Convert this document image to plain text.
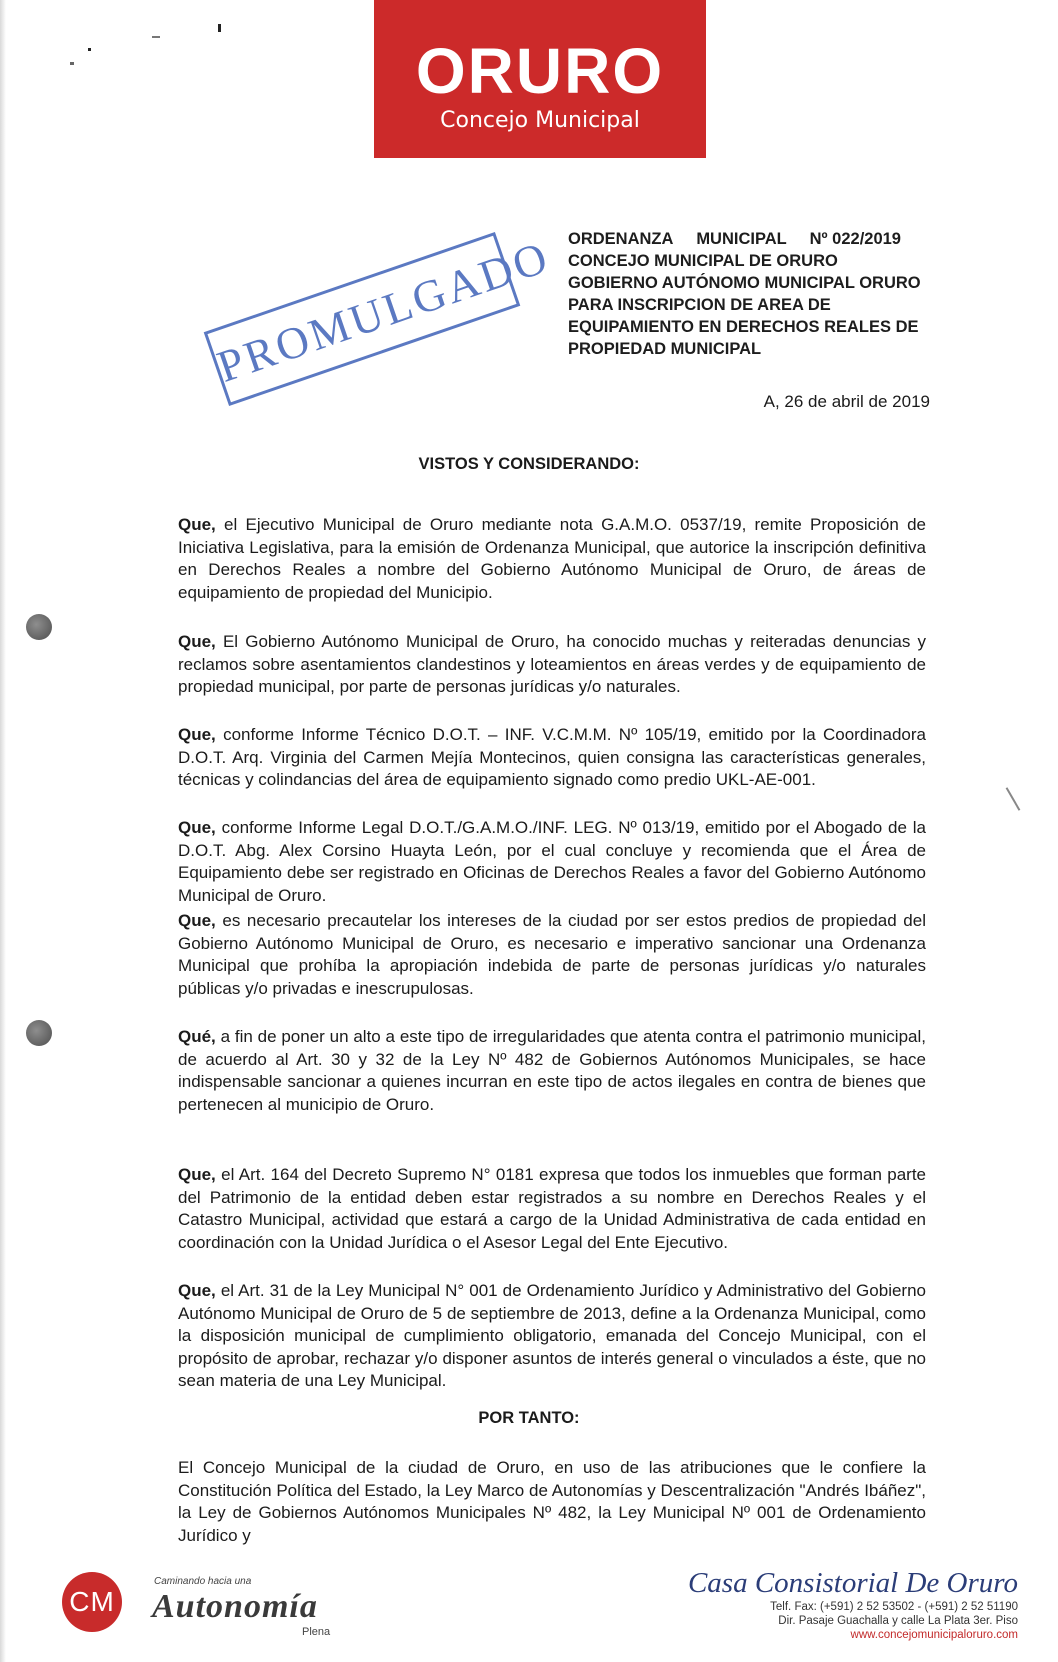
ORURO
Concejo Municipal
PROMULGADO ORDENANZA MUNICIPAL Nº 022/2019
CONCEJO MUNICIPAL DE ORURO
GOBIERNO AUTÓNOMO MUNICIPAL ORURO
PARA INSCRIPCION DE AREA DE
EQUIPAMIENTO EN DERECHOS REALES DE
PROPIEDAD MUNICIPAL
A, 26 de abril de 2019
VISTOS Y CONSIDERANDO:
Que, el Ejecutivo Municipal de Oruro mediante nota G.A.M.O. 0537/19, remite Proposición de Iniciativa Legislativa, para la emisión de Ordenanza Municipal, que autorice la inscripción definitiva en Derechos Reales a nombre del Gobierno Autónomo Municipal de Oruro, de áreas de equipamiento de propiedad del Municipio.
Que, El Gobierno Autónomo Municipal de Oruro, ha conocido muchas y reiteradas denuncias y reclamos sobre asentamientos clandestinos y loteamientos en áreas verdes y de equipamiento de propiedad municipal, por parte de personas jurídicas y/o naturales.
Que, conforme Informe Técnico D.O.T. – INF. V.C.M.M. Nº 105/19, emitido por la Coordinadora D.O.T. Arq. Virginia del Carmen Mejía Montecinos, quien consigna las características generales, técnicas y colindancias del área de equipamiento signado como predio UKL-AE-001.
Que, conforme Informe Legal D.O.T./G.A.M.O./INF. LEG. Nº 013/19, emitido por el Abogado de la D.O.T. Abg. Alex Corsino Huayta León, por el cual concluye y recomienda que el Área de Equipamiento debe ser registrado en Oficinas de Derechos Reales a favor del Gobierno Autónomo Municipal de Oruro.
Que, es necesario precautelar los intereses de la ciudad por ser estos predios de propiedad del Gobierno Autónomo Municipal de Oruro, es necesario e imperativo sancionar una Ordenanza Municipal que prohíba la apropiación indebida de parte de personas jurídicas y/o naturales públicas y/o privadas e inescrupulosas.
Qué, a fin de poner un alto a este tipo de irregularidades que atenta contra el patrimonio municipal, de acuerdo al Art. 30 y 32 de la Ley Nº 482 de Gobiernos Autónomos Municipales, se hace indispensable sancionar a quienes incurran en este tipo de actos ilegales en contra de bienes que pertenecen al municipio de Oruro.
Que, el Art. 164 del Decreto Supremo N° 0181 expresa que todos los inmuebles que forman parte del Patrimonio de la entidad deben estar registrados a su nombre en Derechos Reales y el Catastro Municipal, actividad que estará a cargo de la Unidad Administrativa de cada entidad en coordinación con la Unidad Jurídica o el Asesor Legal del Ente Ejecutivo.
Que, el Art. 31 de la Ley Municipal N° 001 de Ordenamiento Jurídico y Administrativo del Gobierno Autónomo Municipal de Oruro de 5 de septiembre de 2013, define a la Ordenanza Municipal, como la disposición municipal de cumplimiento obligatorio, emanada del Concejo Municipal, con el propósito de aprobar, rechazar y/o disponer asuntos de interés general o vinculados a éste, que no sean materia de una Ley Municipal.
POR TANTO:
El Concejo Municipal de la ciudad de Oruro, en uso de las atribuciones que le confiere la Constitución Política del Estado, la Ley Marco de Autonomías y Descentralización "Andrés Ibáñez", la Ley de Gobiernos Autónomos Municipales Nº 482, la Ley Municipal Nº 001 de Ordenamiento Jurídico y
CM
Caminando hacia una
Autonomía
Plena
Casa Consistorial De Oruro
Telf. Fax: (+591) 2 52 53502 - (+591) 2 52 51190
Dir. Pasaje Guachalla y calle La Plata 3er. Piso
www.concejomunicipaloruro.com
